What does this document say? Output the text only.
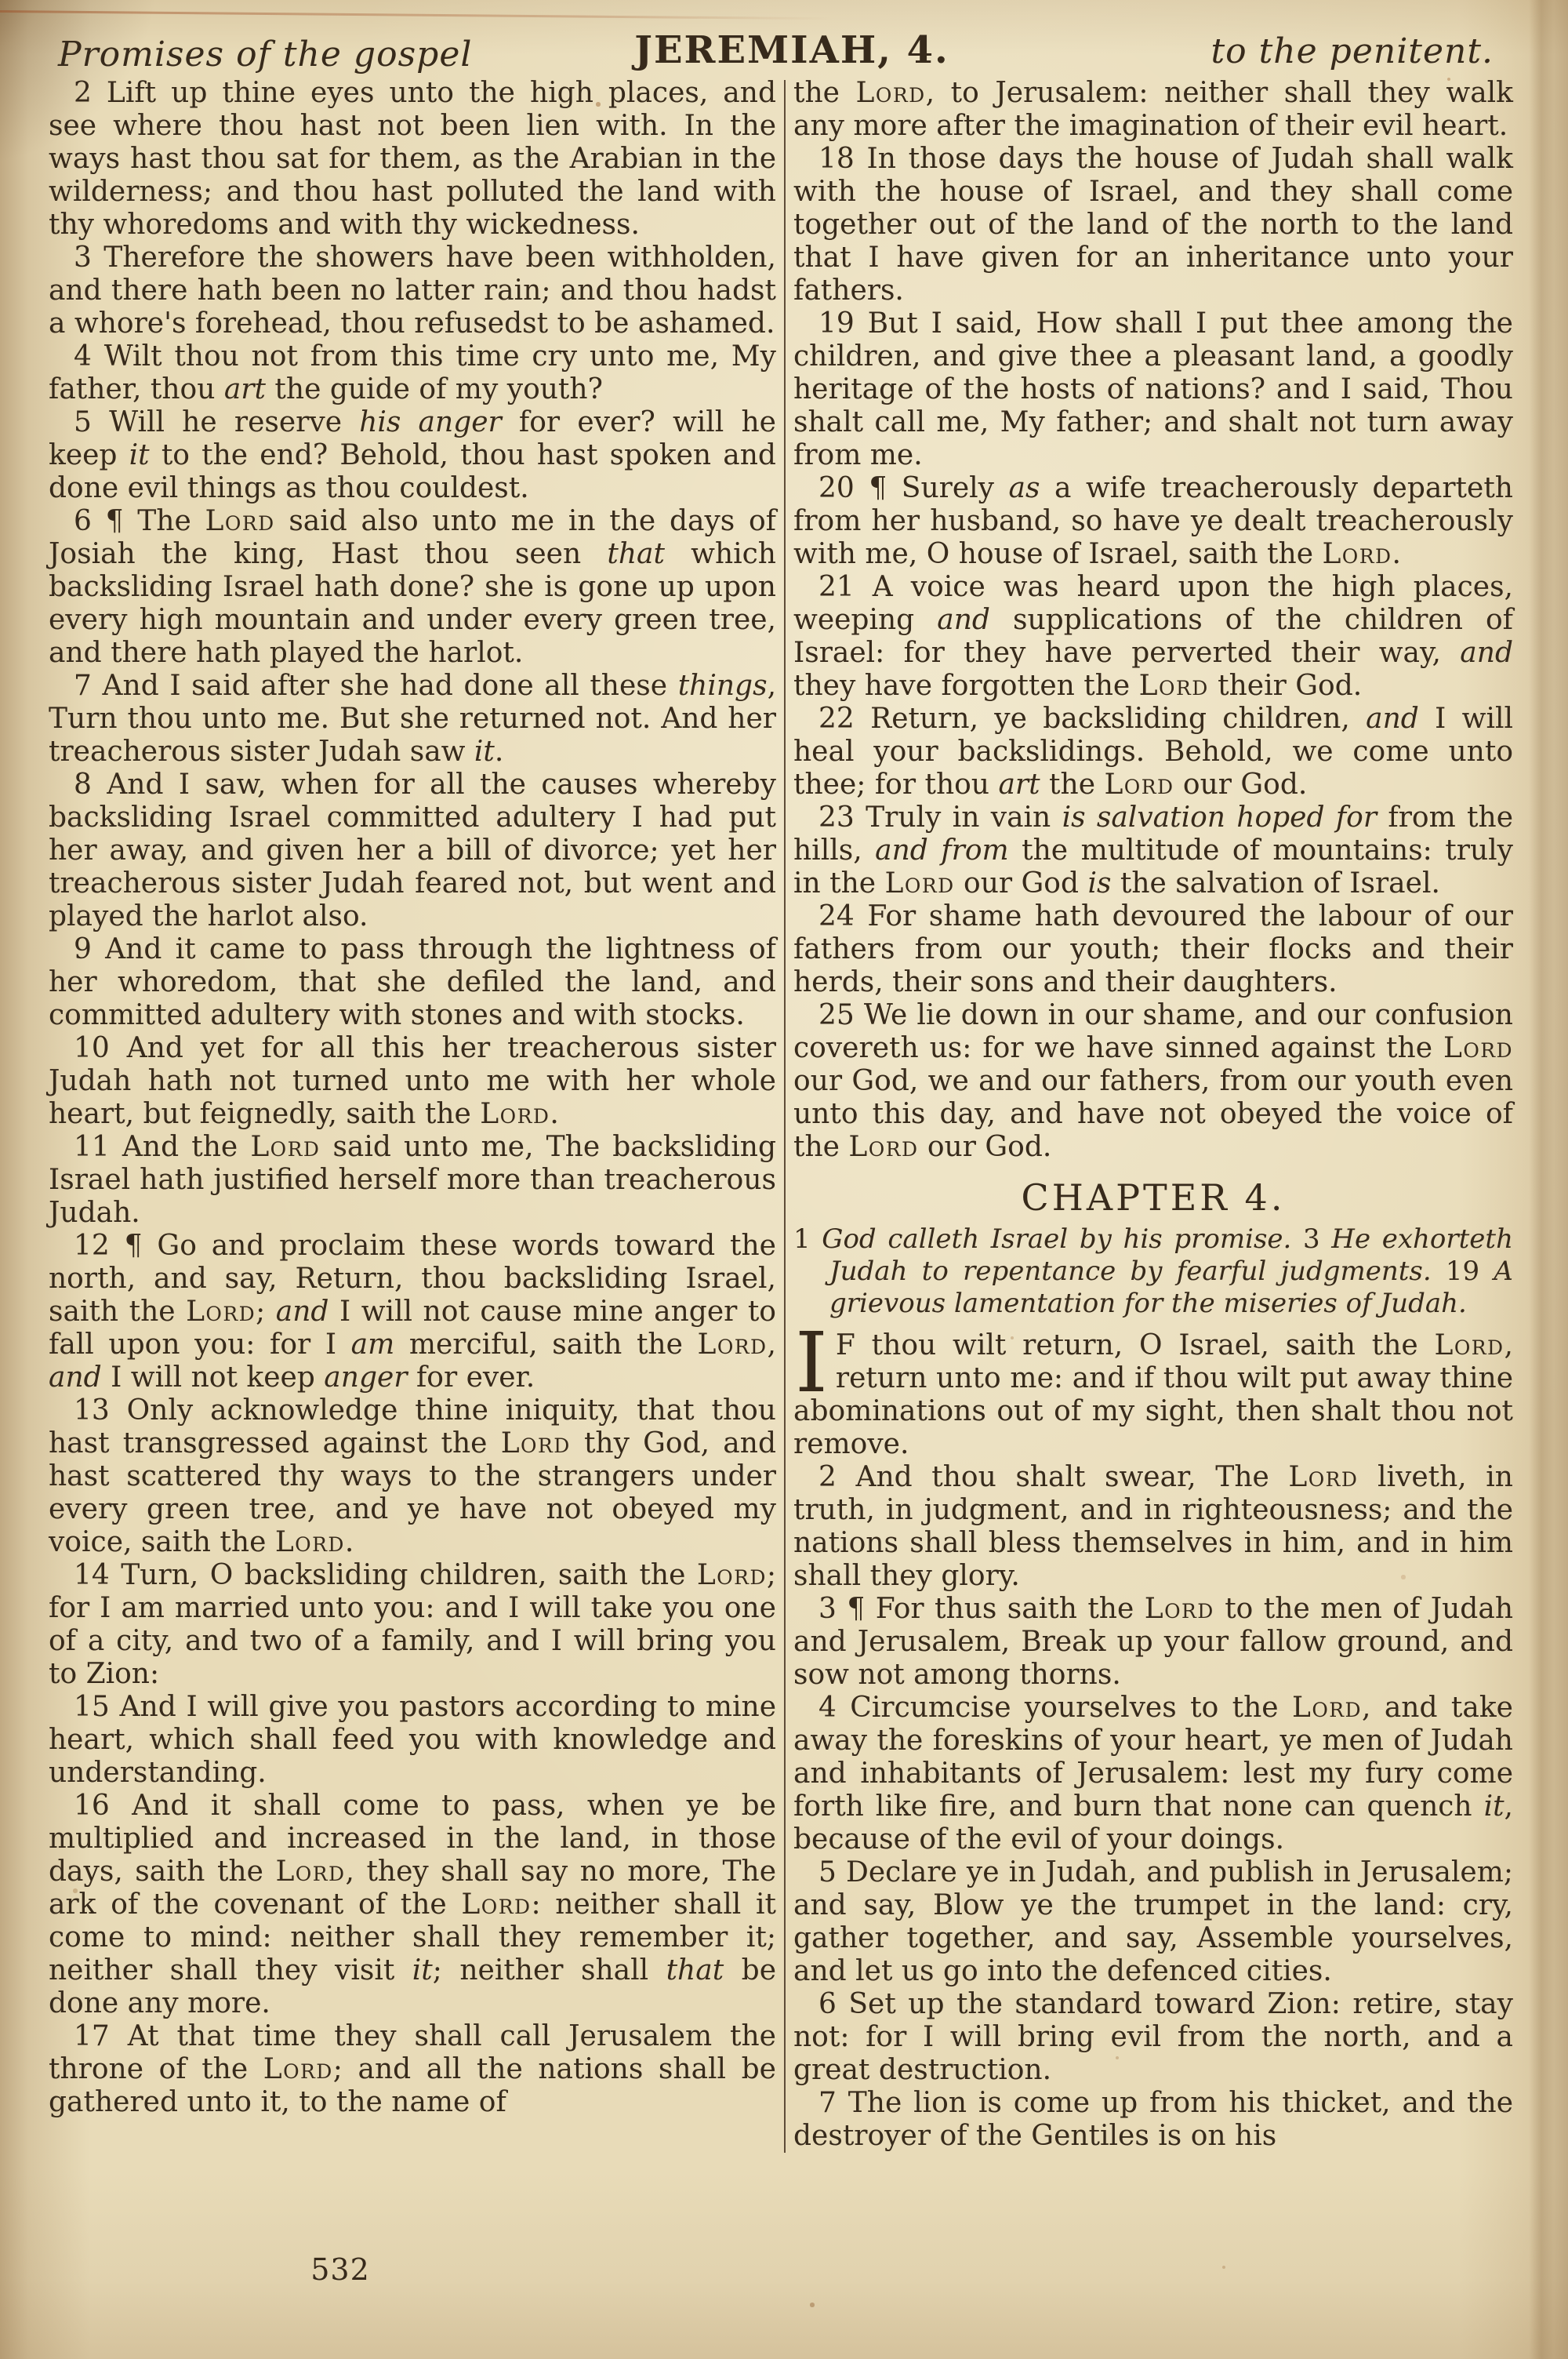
Promises of the gospel	JEREMIAH, 4.	to the penitent.

2 Lift up thine eyes unto the high places, and see where thou hast not been lien with. In the ways hast thou sat for them, as the Arabian in the wilderness; and thou hast polluted the land with thy whoredoms and with thy wickedness.

3 Therefore the showers have been withholden, and there hath been no latter rain; and thou hadst a whore's forehead, thou refusedst to be ashamed.

4 Wilt thou not from this time cry unto me, My father, thou art the guide of my youth?

5 Will he reserve his anger for ever? will he keep it to the end? Behold, thou hast spoken and done evil things as thou couldest.

6 ¶ The Lord said also unto me in the days of Josiah the king, Hast thou seen that which backsliding Israel hath done? she is gone up upon every high mountain and under every green tree, and there hath played the harlot.

7 And I said after she had done all these things, Turn thou unto me. But she returned not. And her treacherous sister Judah saw it.

8 And I saw, when for all the causes whereby backsliding Israel committed adultery I had put her away, and given her a bill of divorce; yet her treacherous sister Judah feared not, but went and played the harlot also.

9 And it came to pass through the lightness of her whoredom, that she defiled the land, and committed adultery with stones and with stocks.

10 And yet for all this her treacherous sister Judah hath not turned unto me with her whole heart, but feignedly, saith the Lord.

11 And the Lord said unto me, The backsliding Israel hath justified herself more than treacherous Judah.

12 ¶ Go and proclaim these words toward the north, and say, Return, thou backsliding Israel, saith the Lord; and I will not cause mine anger to fall upon you: for I am merciful, saith the Lord, and I will not keep anger for ever.

13 Only acknowledge thine iniquity, that thou hast transgressed against the Lord thy God, and hast scattered thy ways to the strangers under every green tree, and ye have not obeyed my voice, saith the Lord.

14 Turn, O backsliding children, saith the Lord; for I am married unto you: and I will take you one of a city, and two of a family, and I will bring you to Zion:

15 And I will give you pastors according to mine heart, which shall feed you with knowledge and understanding.

16 And it shall come to pass, when ye be multiplied and increased in the land, in those days, saith the Lord, they shall say no more, The ark of the covenant of the Lord: neither shall it come to mind: neither shall they remember it; neither shall they visit it; neither shall that be done any more.

17 At that time they shall call Jerusalem the throne of the Lord; and all the nations shall be gathered unto it, to the name of

the Lord, to Jerusalem: neither shall they walk any more after the imagination of their evil heart.

18 In those days the house of Judah shall walk with the house of Israel, and they shall come together out of the land of the north to the land that I have given for an inheritance unto your fathers.

19 But I said, How shall I put thee among the children, and give thee a pleasant land, a goodly heritage of the hosts of nations? and I said, Thou shalt call me, My father; and shalt not turn away from me.

20 ¶ Surely as a wife treacherously departeth from her husband, so have ye dealt treacherously with me, O house of Israel, saith the Lord.

21 A voice was heard upon the high places, weeping and supplications of the children of Israel: for they have perverted their way, and they have forgotten the Lord their God.

22 Return, ye backsliding children, and I will heal your backslidings. Behold, we come unto thee; for thou art the Lord our God.

23 Truly in vain is salvation hoped for from the hills, and from the multitude of mountains: truly in the Lord our God is the salvation of Israel.

24 For shame hath devoured the labour of our fathers from our youth; their flocks and their herds, their sons and their daughters.

25 We lie down in our shame, and our confusion covereth us: for we have sinned against the Lord our God, we and our fathers, from our youth even unto this day, and have not obeyed the voice of the Lord our God.

CHAPTER 4.

1 God calleth Israel by his promise. 3 He exhorteth Judah to repentance by fearful judgments. 19 A grievous lamentation for the miseries of Judah.

I F thou wilt return, O Israel, saith the Lord, return unto me: and if thou wilt put away thine abominations out of my sight, then shalt thou not remove.

2 And thou shalt swear, The Lord liveth, in truth, in judgment, and in righteousness; and the nations shall bless themselves in him, and in him shall they glory.

3 ¶ For thus saith the Lord to the men of Judah and Jerusalem, Break up your fallow ground, and sow not among thorns.

4 Circumcise yourselves to the Lord, and take away the foreskins of your heart, ye men of Judah and inhabitants of Jerusalem: lest my fury come forth like fire, and burn that none can quench it, because of the evil of your doings.

5 Declare ye in Judah, and publish in Jerusalem; and say, Blow ye the trumpet in the land: cry, gather together, and say, Assemble yourselves, and let us go into the defenced cities.

6 Set up the standard toward Zion: retire, stay not: for I will bring evil from the north, and a great destruction.

7 The lion is come up from his thicket, and the destroyer of the Gentiles is on his

532
